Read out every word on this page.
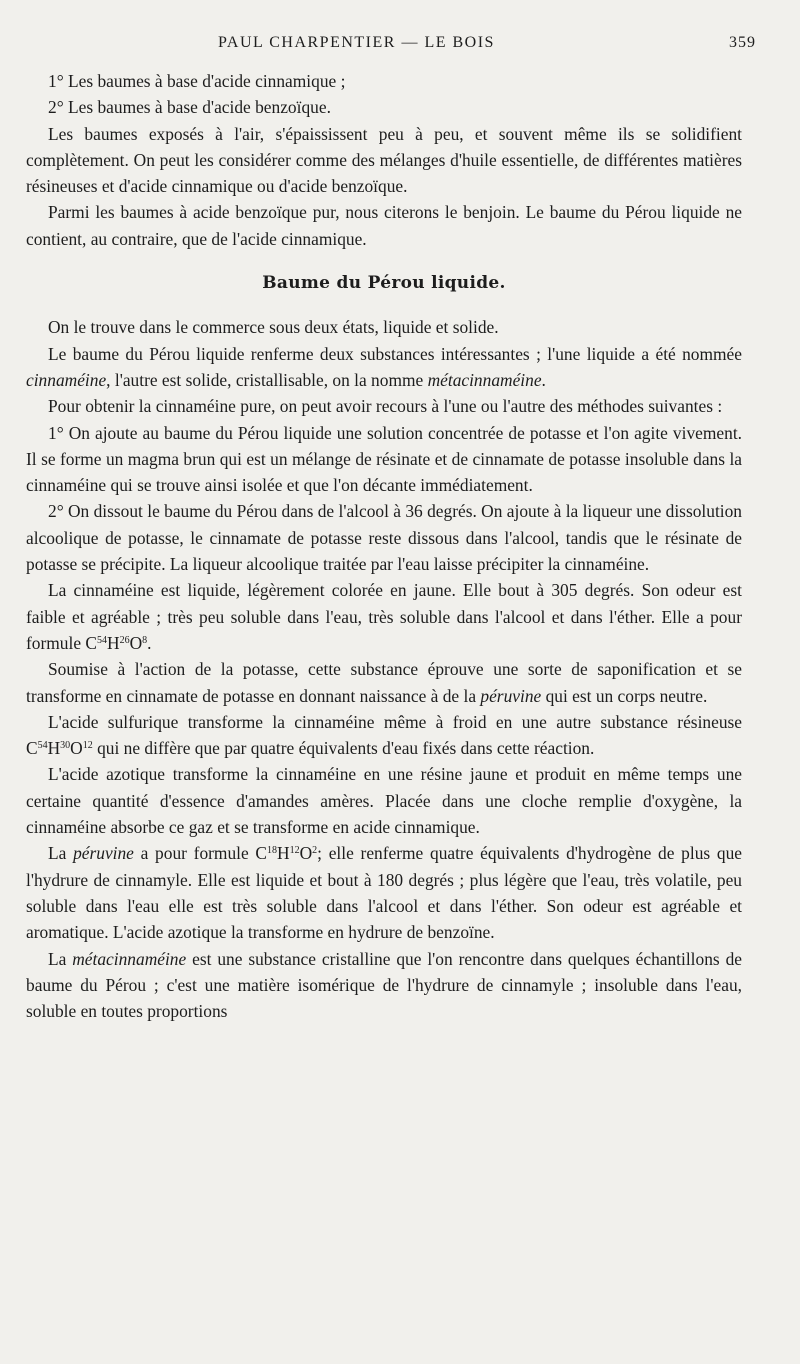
PAUL CHARPENTIER — LE BOIS	359

1° Les baumes à base d'acide cinnamique ;

2° Les baumes à base d'acide benzoïque.

Les baumes exposés à l'air, s'épaississent peu à peu, et souvent même ils se solidifient complètement. On peut les considérer comme des mélanges d'huile essentielle, de différentes matières résineuses et d'acide cinnamique ou d'acide benzoïque.

Parmi les baumes à acide benzoïque pur, nous citerons le benjoin. Le baume du Pérou liquide ne contient, au contraire, que de l'acide cinnamique.

Baume du Pérou liquide.

On le trouve dans le commerce sous deux états, liquide et solide.

Le baume du Pérou liquide renferme deux substances intéressantes ; l'une liquide a été nommée cinnaméine, l'autre est solide, cristallisable, on la nomme métacinnaméine.

Pour obtenir la cinnaméine pure, on peut avoir recours à l'une ou l'autre des méthodes suivantes :

1° On ajoute au baume du Pérou liquide une solution concentrée de potasse et l'on agite vivement. Il se forme un magma brun qui est un mélange de résinate et de cinnamate de potasse insoluble dans la cinnaméine qui se trouve ainsi isolée et que l'on décante immédiatement.

2° On dissout le baume du Pérou dans de l'alcool à 36 degrés. On ajoute à la liqueur une dissolution alcoolique de potasse, le cinnamate de potasse reste dissous dans l'alcool, tandis que le résinate de potasse se précipite. La liqueur alcoolique traitée par l'eau laisse précipiter la cinnaméine.

La cinnaméine est liquide, légèrement colorée en jaune. Elle bout à 305 degrés. Son odeur est faible et agréable ; très peu soluble dans l'eau, très soluble dans l'alcool et dans l'éther. Elle a pour formule $C^{54}H^{26}O^8$.

Soumise à l'action de la potasse, cette substance éprouve une sorte de saponification et se transforme en cinnamate de potasse en donnant naissance à de la péruvine qui est un corps neutre.

L'acide sulfurique transforme la cinnaméine même à froid en une autre substance résineuse $C^{54}H^{30}O^{12}$ qui ne diffère que par quatre équivalents d'eau fixés dans cette réaction.

L'acide azotique transforme la cinnaméine en une résine jaune et produit en même temps une certaine quantité d'essence d'amandes amères. Placée dans une cloche remplie d'oxygène, la cinnaméine absorbe ce gaz et se transforme en acide cinnamique.

La péruvine a pour formule $C^{18}H^{12}O^2$; elle renferme quatre équivalents d'hydrogène de plus que l'hydrure de cinnamyle. Elle est liquide et bout à 180 degrés ; plus légère que l'eau, très volatile, peu soluble dans l'eau elle est très soluble dans l'alcool et dans l'éther. Son odeur est agréable et aromatique. L'acide azotique la transforme en hydrure de benzoïne.

La métacinnaméine est une substance cristalline que l'on rencontre dans quelques échantillons de baume du Pérou ; c'est une matière isomérique de l'hydrure de cinnamyle ; insoluble dans l'eau, soluble en toutes proportions
